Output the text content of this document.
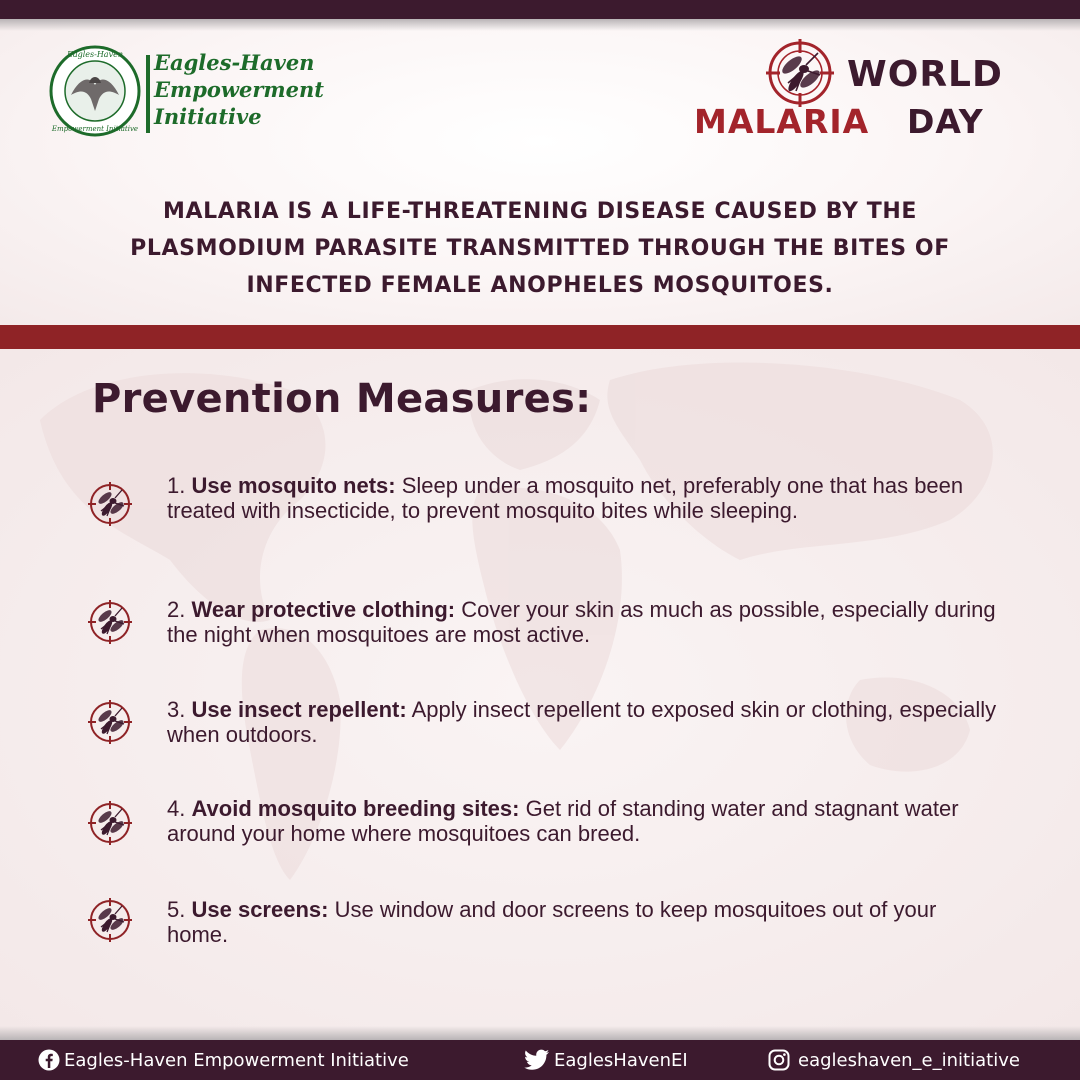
Eagles-Haven
Empowerment Initiative
Eagles-Haven
Empowerment
Initiative
WORLD
MALARIA DAY
MALARIA IS A LIFE-THREATENING DISEASE CAUSED BY THE PLASMODIUM PARASITE TRANSMITTED THROUGH THE BITES OF INFECTED FEMALE ANOPHELES MOSQUITOES.
Prevention Measures:
1. Use mosquito nets: Sleep under a mosquito net, preferably one that has been treated with insecticide, to prevent mosquito bites while sleeping.
2. Wear protective clothing: Cover your skin as much as possible, especially during the night when mosquitoes are most active.
3. Use insect repellent: Apply insect repellent to exposed skin or clothing, especially when outdoors.
4. Avoid mosquito breeding sites: Get rid of standing water and stagnant water around your home where mosquitoes can breed.
5. Use screens: Use window and door screens to keep mosquitoes out of your home.
Eagles-Haven Empowerment Initiative	EaglesHavenEI	eagleshaven_e_initiative
